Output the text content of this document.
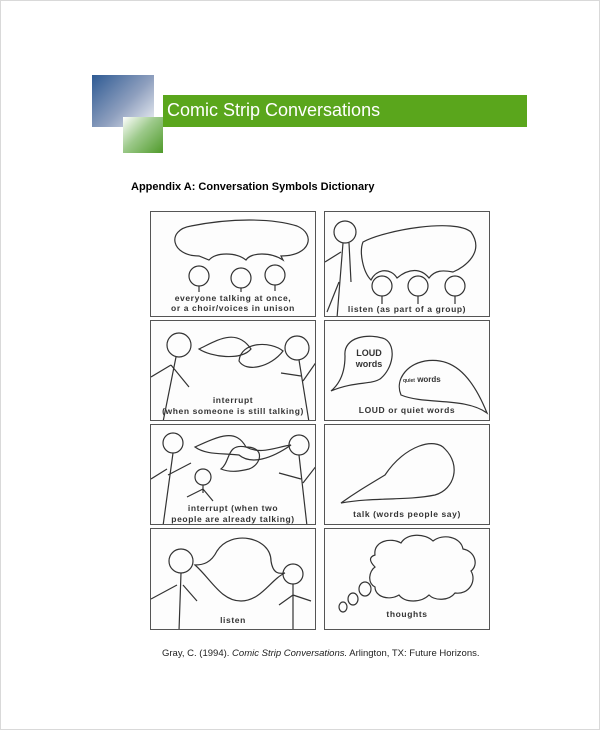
Comic Strip Conversations
Appendix A: Conversation Symbols Dictionary
everyone talking at once,
or a choir/voices in unison	listen (as part of a group)
interrupt
(when someone is still talking)
LOUD
words
quiet words
LOUD or quiet words
interrupt (when two
people are already talking)	talk (words people say)
listen
thoughts
Gray, C. (1994). Comic Strip Conversations. Arlington, TX: Future Horizons.
